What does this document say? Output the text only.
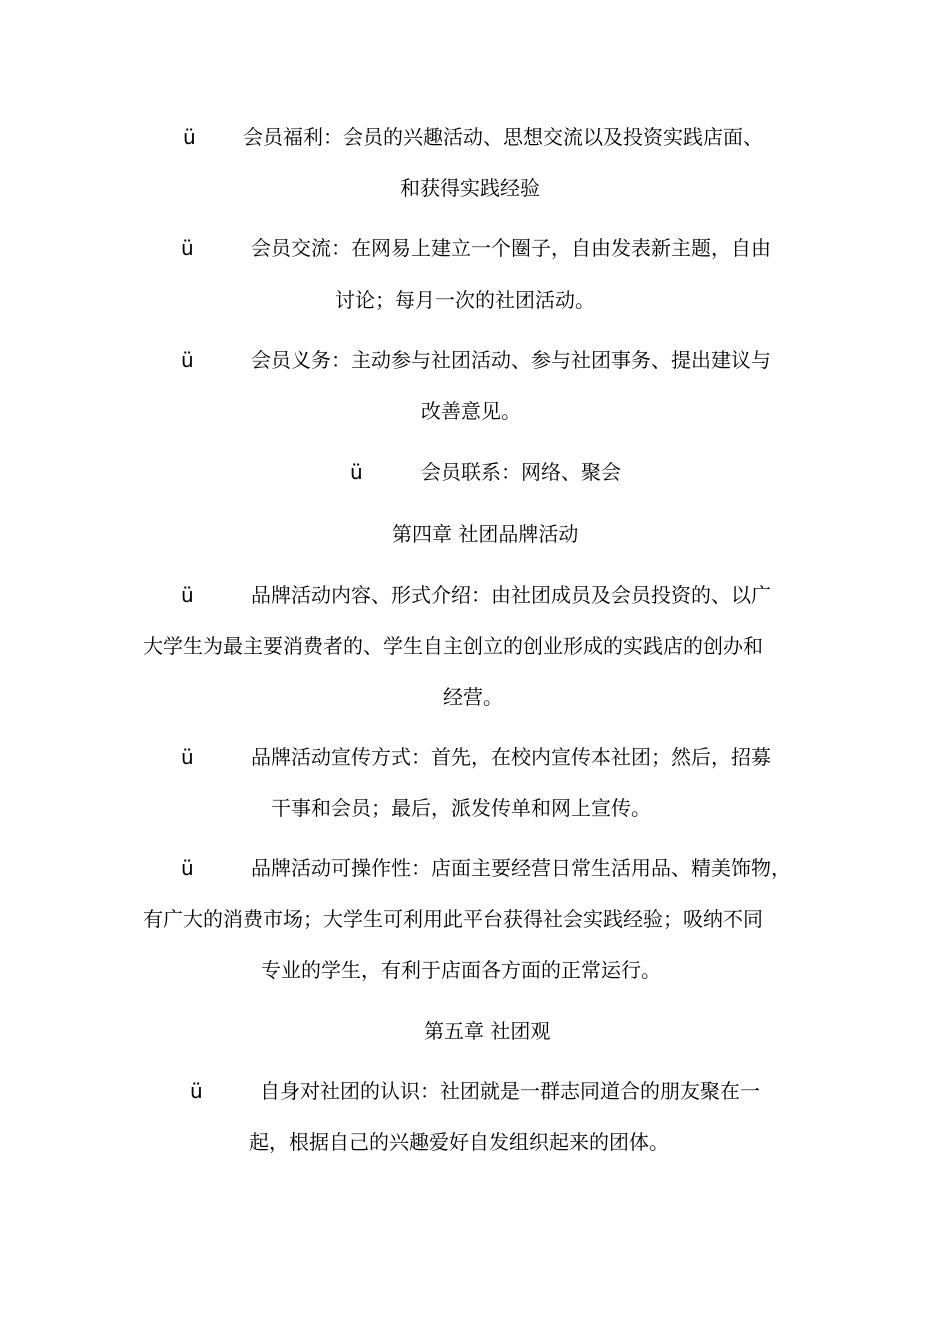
ü 会员福利：会员的兴趣活动、思想交流以及投资实践店面、
和获得实践经验
ü	会员交流：在网易上建立一个圈子，自由发表新主题，自由
讨论；每月一次的社团活动。
ü	会员义务：主动参与社团活动、参与社团事务、提出建议与
改善意见。
ü	会员联系：网络、聚会
第四章 社团品牌活动
ü	品牌活动内容、形式介绍：由社团成员及会员投资的、以广
大学生为最主要消费者的、学生自主创立的创业形成的实践店的创办和
经营。
ü	品牌活动宣传方式：首先，在校内宣传本社团；然后，招募
干事和会员；最后，派发传单和网上宣传。
ü	品牌活动可操作性：店面主要经营日常生活用品、精美饰物，
有广大的消费市场；大学生可利用此平台获得社会实践经验；吸纳不同
专业的学生，有利于店面各方面的正常运行。
第五章 社团观
ü	自身对社团的认识：社团就是一群志同道合的朋友聚在一
起，根据自己的兴趣爱好自发组织起来的团体。
